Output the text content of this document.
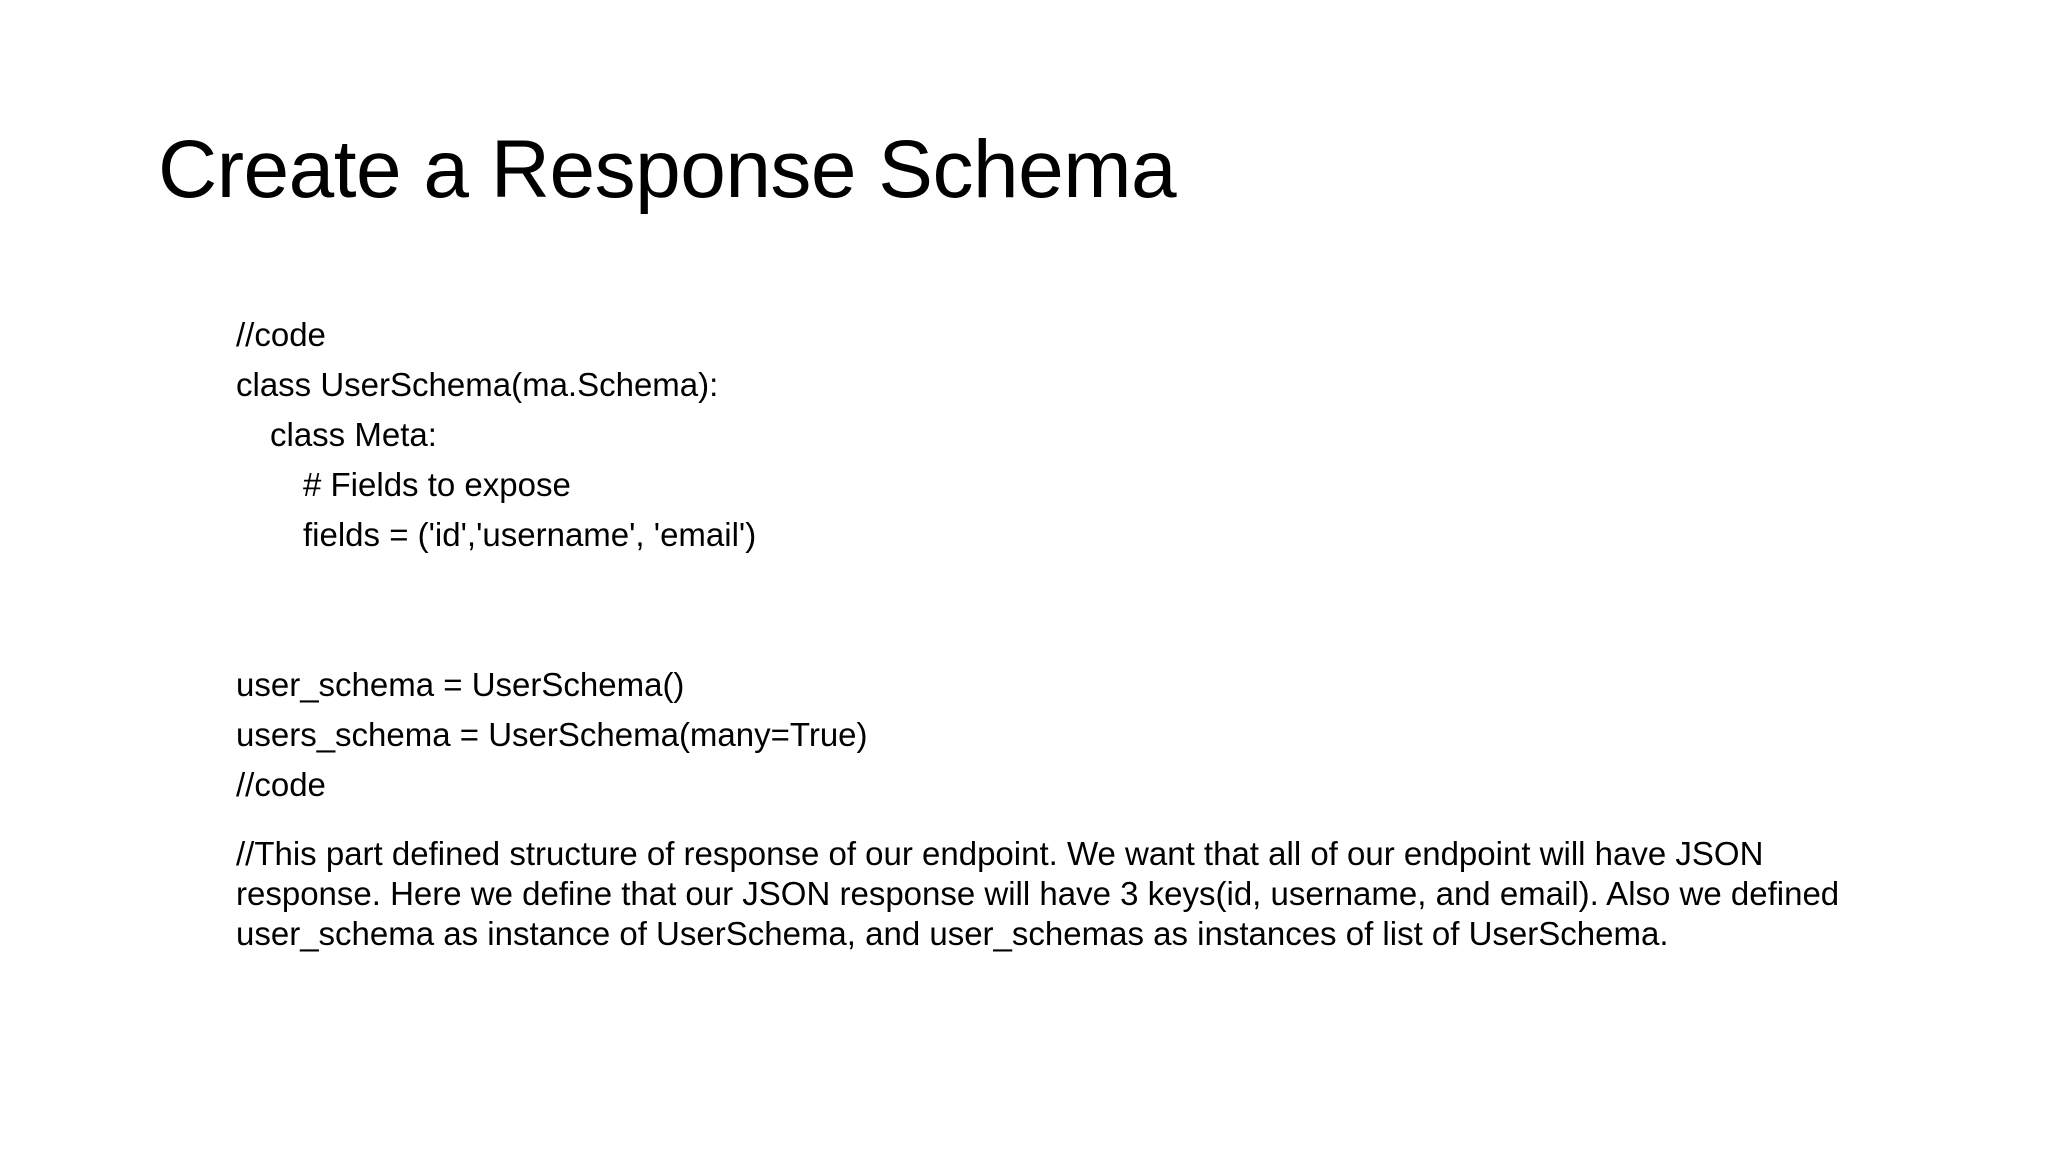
Create a Response Schema
//code
class UserSchema(ma.Schema):
class Meta:
# Fields to expose
fields = ('id','username', 'email')
user_schema = UserSchema()
users_schema = UserSchema(many=True)
//code
//This part defined structure of response of our endpoint. We want that all of our endpoint will have JSON response. Here we define that our JSON response will have 3 keys(id, username, and email). Also we defined user_schema as instance of UserSchema, and user_schemas as instances of list of UserSchema.
